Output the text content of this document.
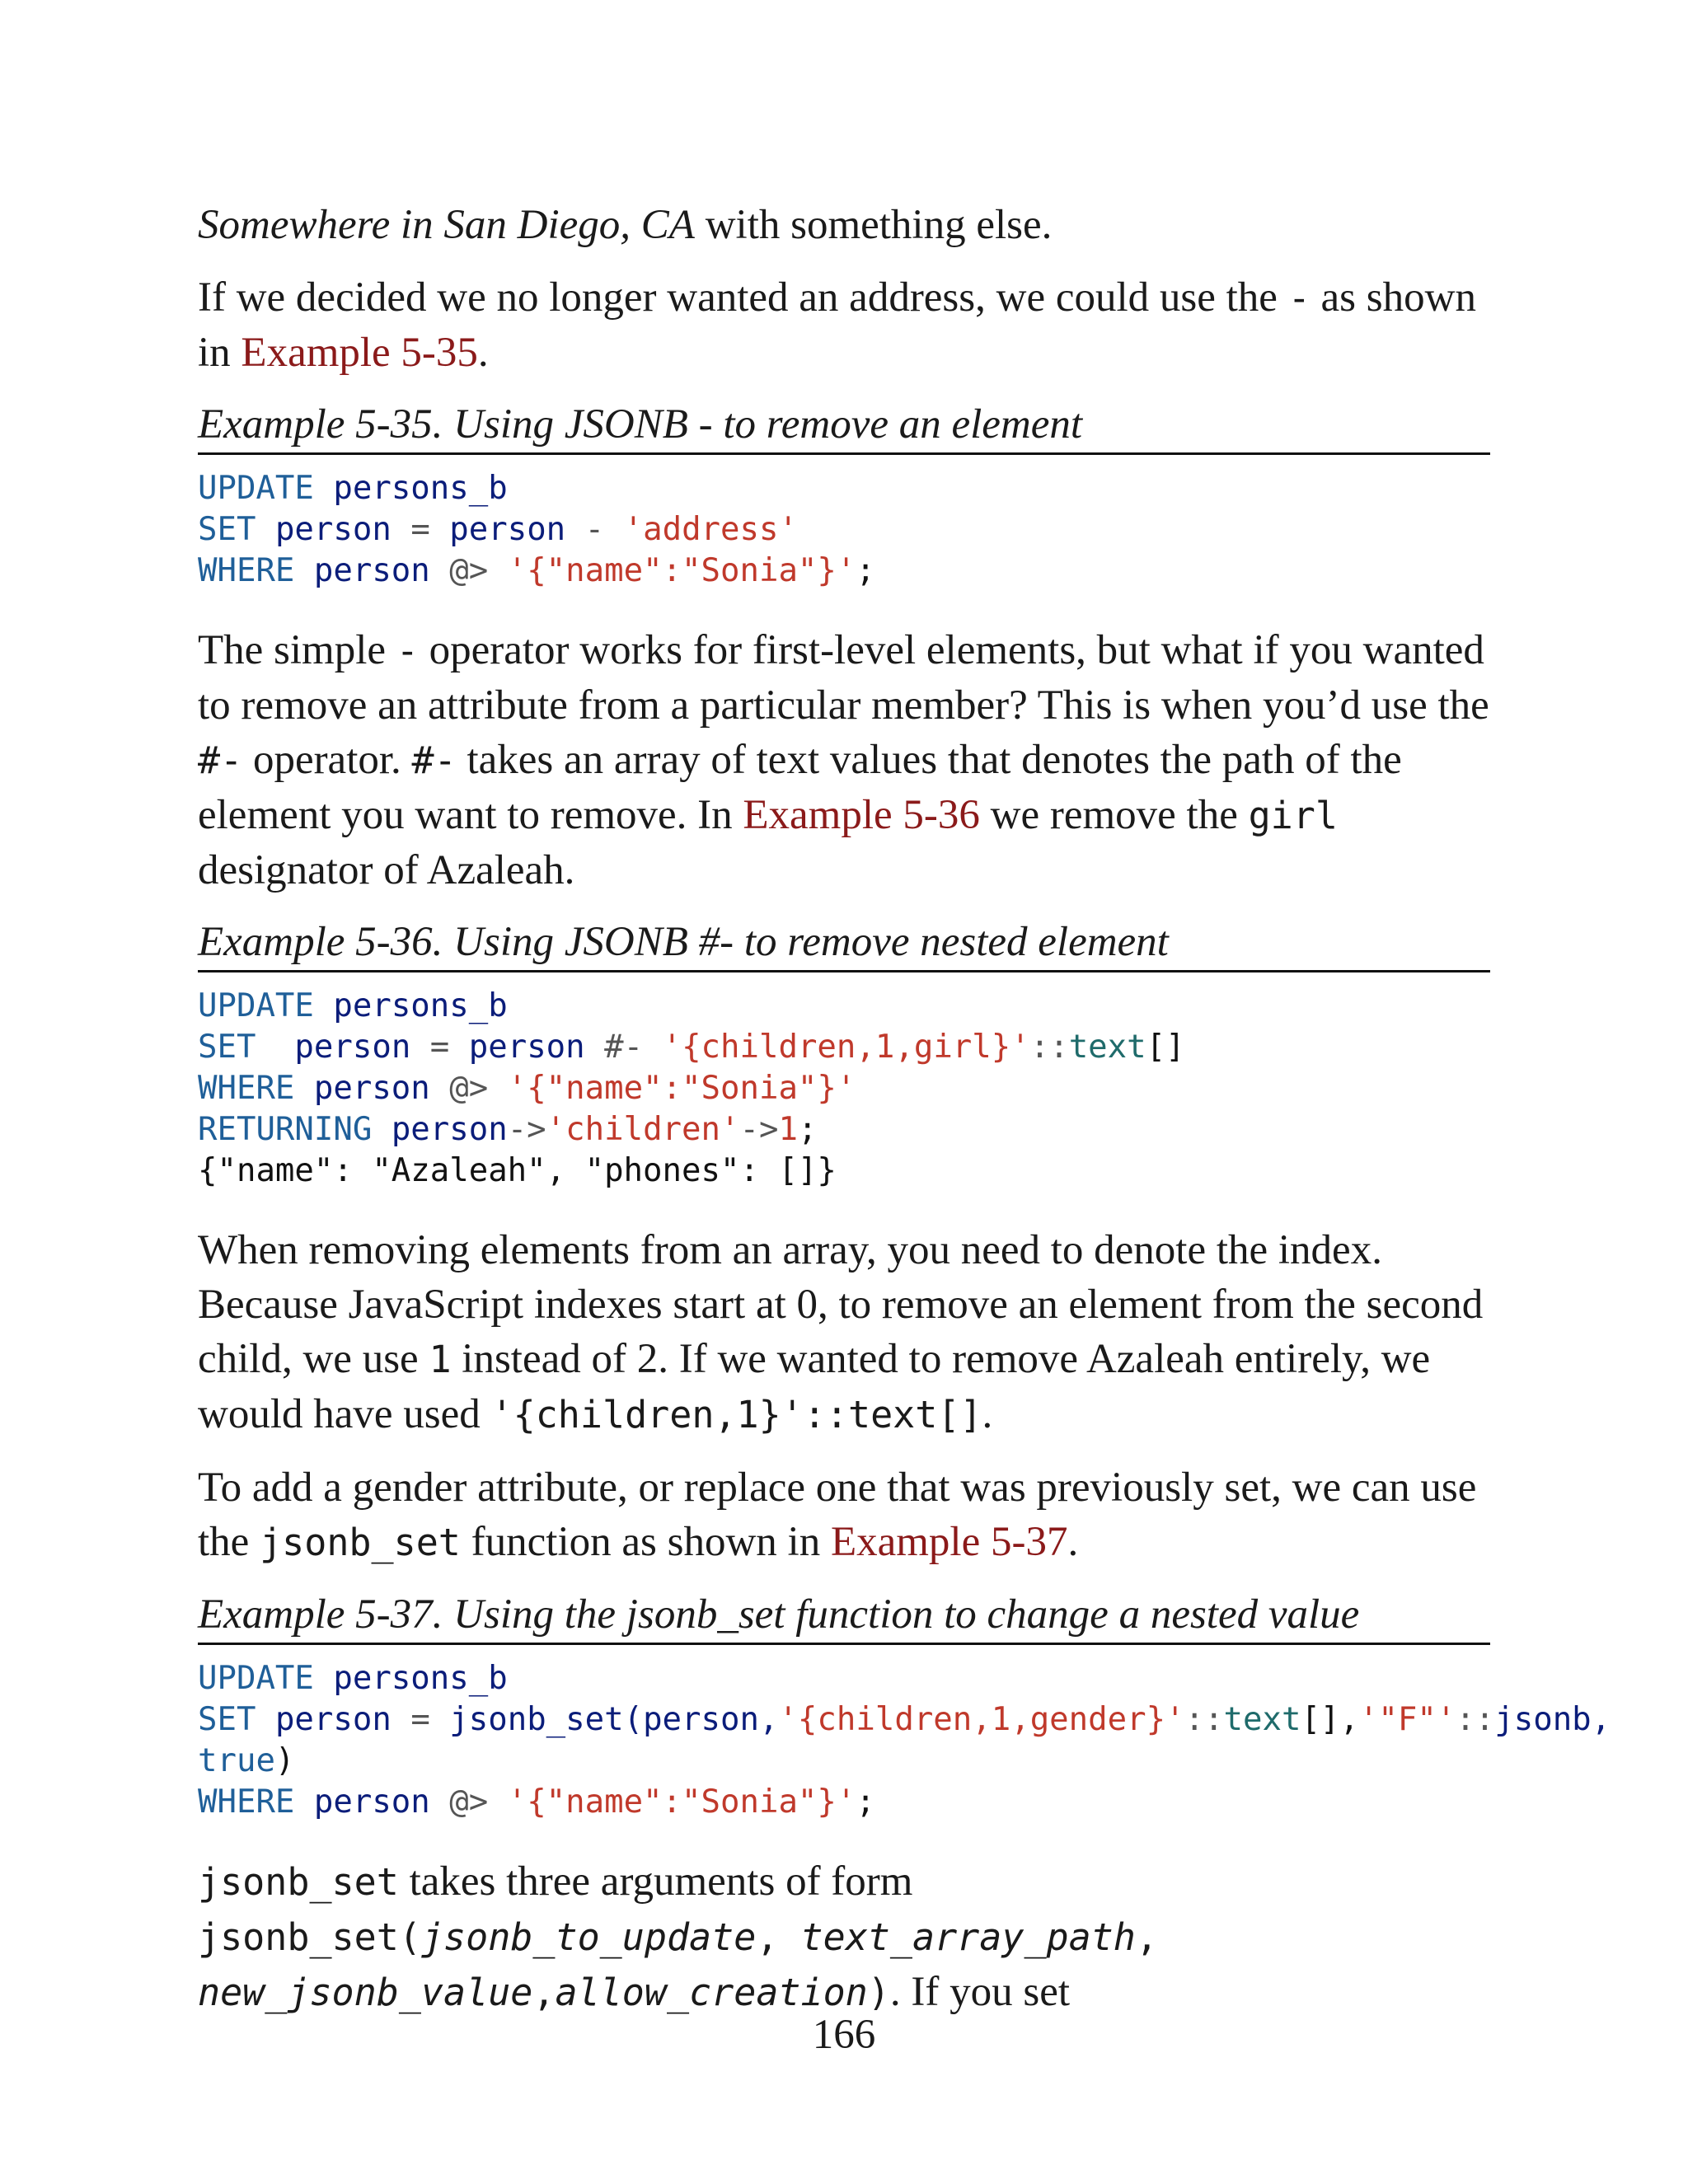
Somewhere in San Diego, CA with something else.

If we decided we no longer wanted an address, we could use the - as shown in Example 5-35.

Example 5-35. Using JSONB - to remove an element
UPDATE persons_b
SET person = person - 'address'
WHERE person @> '{"name":"Sonia"}';

The simple - operator works for first-level elements, but what if you wanted to remove an attribute from a particular member? This is when you’d use the #- operator. #- takes an array of text values that denotes the path of the element you want to remove. In Example 5-36 we remove the girl designator of Azaleah.

Example 5-36. Using JSONB #- to remove nested element
UPDATE persons_b
SET person = person #- '{children,1,girl}'::text[]
WHERE person @> '{"name":"Sonia"}'
RETURNING person->'children'->1;
{"name": "Azaleah", "phones": []}

When removing elements from an array, you need to denote the index. Because JavaScript indexes start at 0, to remove an element from the second child, we use 1 instead of 2. If we wanted to remove Azaleah entirely, we would have used '{children,1}'::text[].

To add a gender attribute, or replace one that was previously set, we can use the jsonb_set function as shown in Example 5-37.

Example 5-37. Using the jsonb_set function to change a nested value
UPDATE persons_b
SET person = jsonb_set(person,'{children,1,gender}'::text[],'"F"'::jsonb,
true)
WHERE person @> '{"name":"Sonia"}';

jsonb_set takes three arguments of form jsonb_set(jsonb_to_update, text_array_path, new_jsonb_value,allow_creation). If you set

166
